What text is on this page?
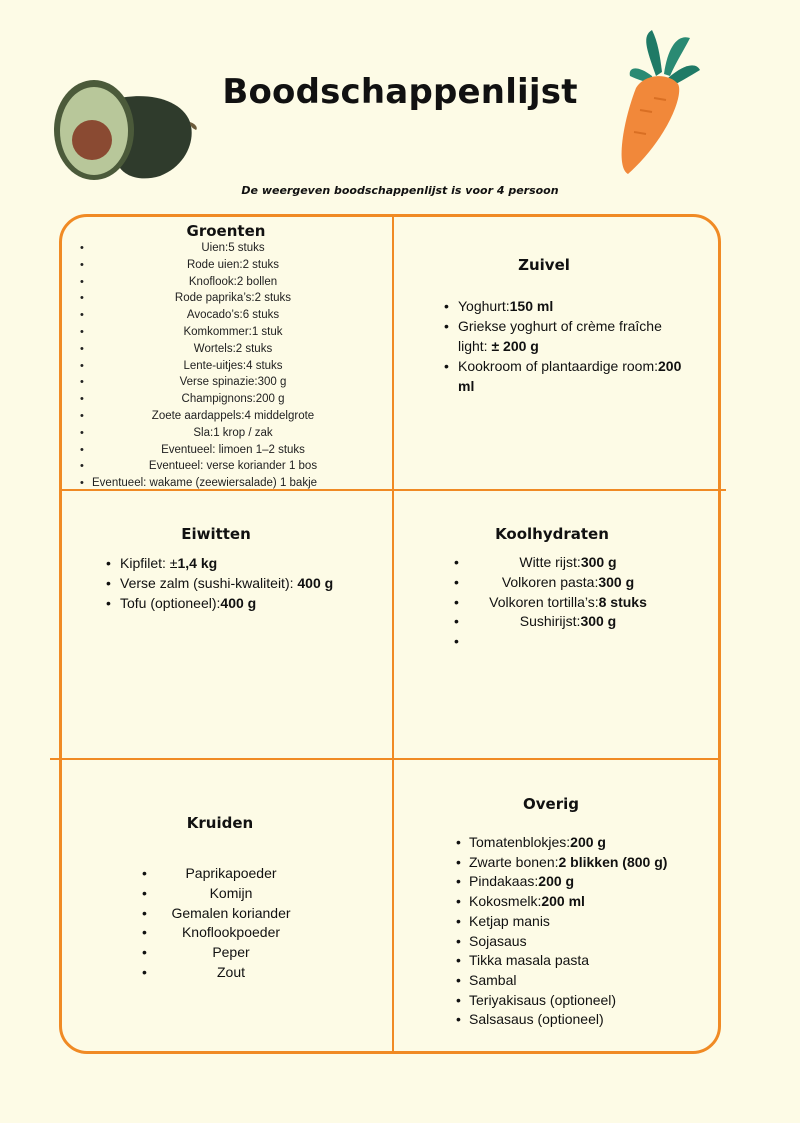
Boodschappenlijst
De weergeven boodschappenlijst is voor 4 persoon
Groenten
• Uien:5 stuks
• Rode uien:2 stuks
• Knoflook:2 bollen
• Rode paprika’s:2 stuks
• Avocado’s:6 stuks
• Komkommer:1 stuk
• Wortels:2 stuks
• Lente-uitjes:4 stuks
• Verse spinazie:300 g
• Champignons:200 g
• Zoete aardappels:4 middelgrote
• Sla:1 krop / zak
• Eventueel: limoen 1–2 stuks
• Eventueel: verse koriander 1 bos
• Eventueel: wakame (zeewiersalade) 1 bakje
Zuivel
• Yoghurt:150 ml
• Griekse yoghurt of crème fraîche light: ± 200 g
• Kookroom of plantaardige room:200 ml
Eiwitten
• Kipfilet: ±1,4 kg
• Verse zalm (sushi-kwaliteit): 400 g
• Tofu (optioneel):400 g
Koolhydraten
• Witte rijst:300 g
• Volkoren pasta:300 g
• Volkoren tortilla’s:8 stuks
• Sushirijst:300 g
•
Kruiden
• Paprikapoeder
• Komijn
• Gemalen koriander
• Knoflookpoeder
• Peper
• Zout
Overig
• Tomatenblokjes:200 g
• Zwarte bonen:2 blikken (800 g)
• Pindakaas:200 g
• Kokosmelk:200 ml
• Ketjap manis
• Sojasaus
• Tikka masala pasta
• Sambal
• Teriyakisaus (optioneel)
• Salsasaus (optioneel)
